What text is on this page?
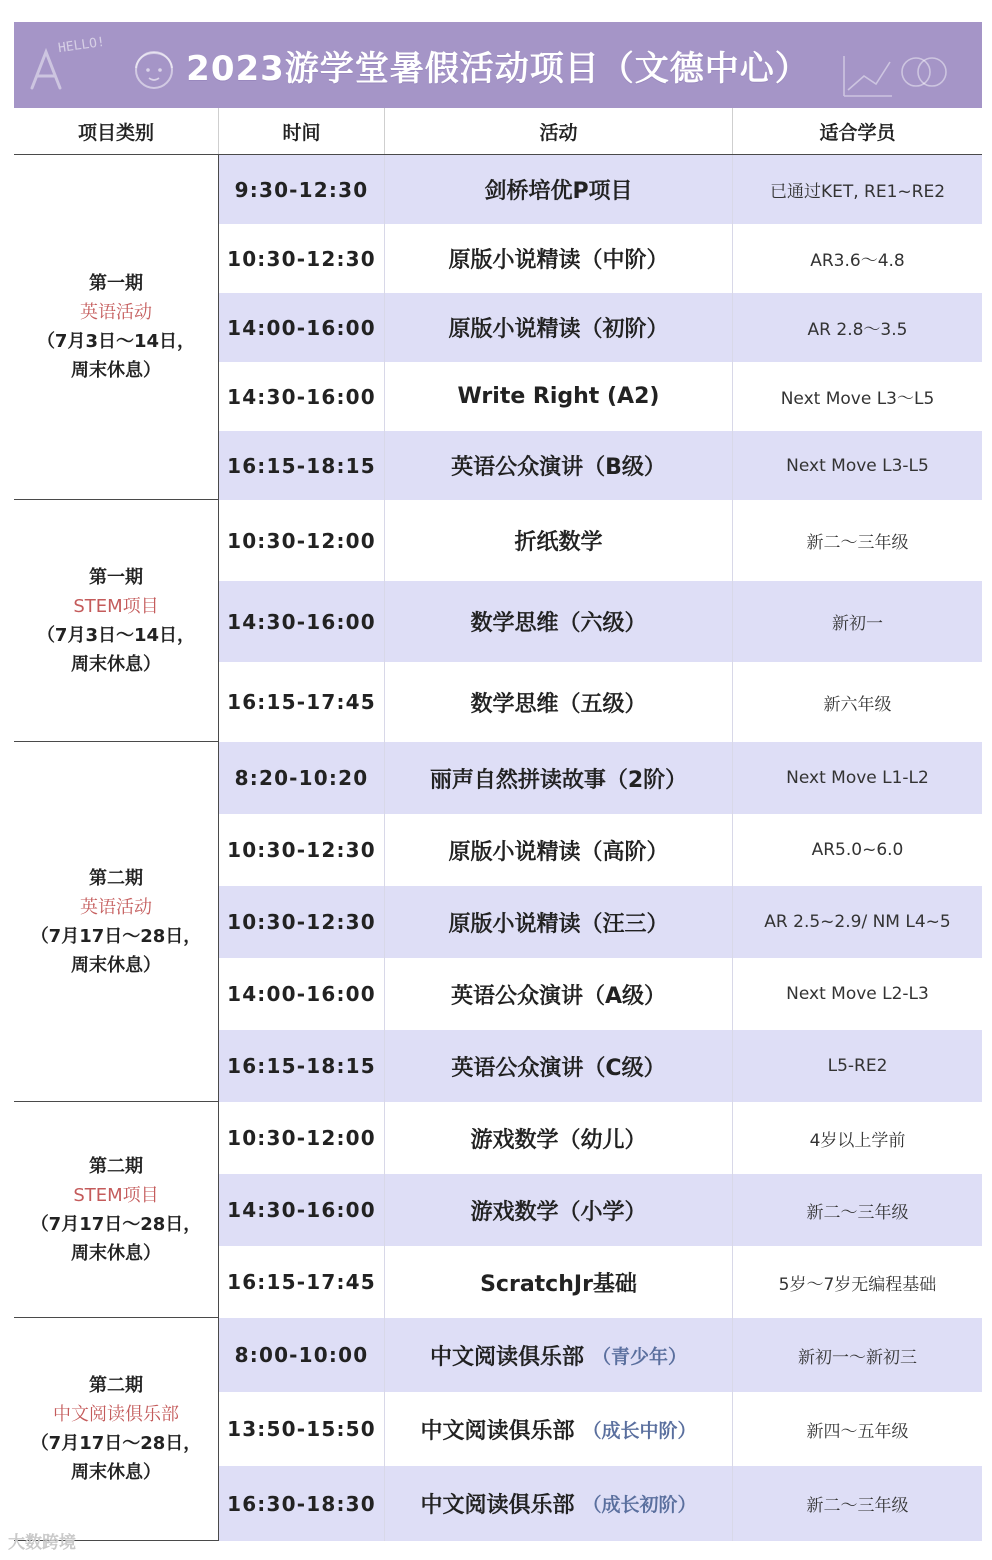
HELLO!
2023游学堂暑假活动项目（文德中心）
项目类别	时间	活动	适合学员
第一期
英语活动
（7月3日～14日，
周末休息）
9:30-12:30	剑桥培优P项目	已通过KET, RE1~RE2
10:30-12:30	原版小说精读（中阶）	AR3.6～4.8
14:00-16:00	原版小说精读（初阶）	AR 2.8～3.5
14:30-16:00	Write Right (A2)	Next Move L3～L5
16:15-18:15	英语公众演讲（B级）	Next Move L3-L5
第一期
STEM项目
（7月3日～14日，
周末休息）
10:30-12:00	折纸数学	新二～三年级
14:30-16:00	数学思维（六级）	新初一
16:15-17:45	数学思维（五级）	新六年级
第二期
英语活动
（7月17日～28日，
周末休息）
8:20-10:20	丽声自然拼读故事（2阶）	Next Move L1-L2
10:30-12:30	原版小说精读（高阶）	AR5.0~6.0
10:30-12:30	原版小说精读（汪三）	AR 2.5~2.9/ NM L4~5
14:00-16:00	英语公众演讲（A级）	Next Move L2-L3
16:15-18:15	英语公众演讲（C级）	L5-RE2
第二期
STEM项目
（7月17日～28日，
周末休息）
10:30-12:00	游戏数学（幼儿）	4岁以上学前
14:30-16:00	游戏数学（小学）	新二～三年级
16:15-17:45	ScratchJr基础	5岁～7岁无编程基础
第二期
中文阅读俱乐部
（7月17日～28日，
周末休息）
8:00-10:00	中文阅读俱乐部 （青少年）	新初一～新初三
13:50-15:50	中文阅读俱乐部 （成长中阶）	新四～五年级
16:30-18:30	中文阅读俱乐部 （成长初阶）	新二～三年级
大数跨境
